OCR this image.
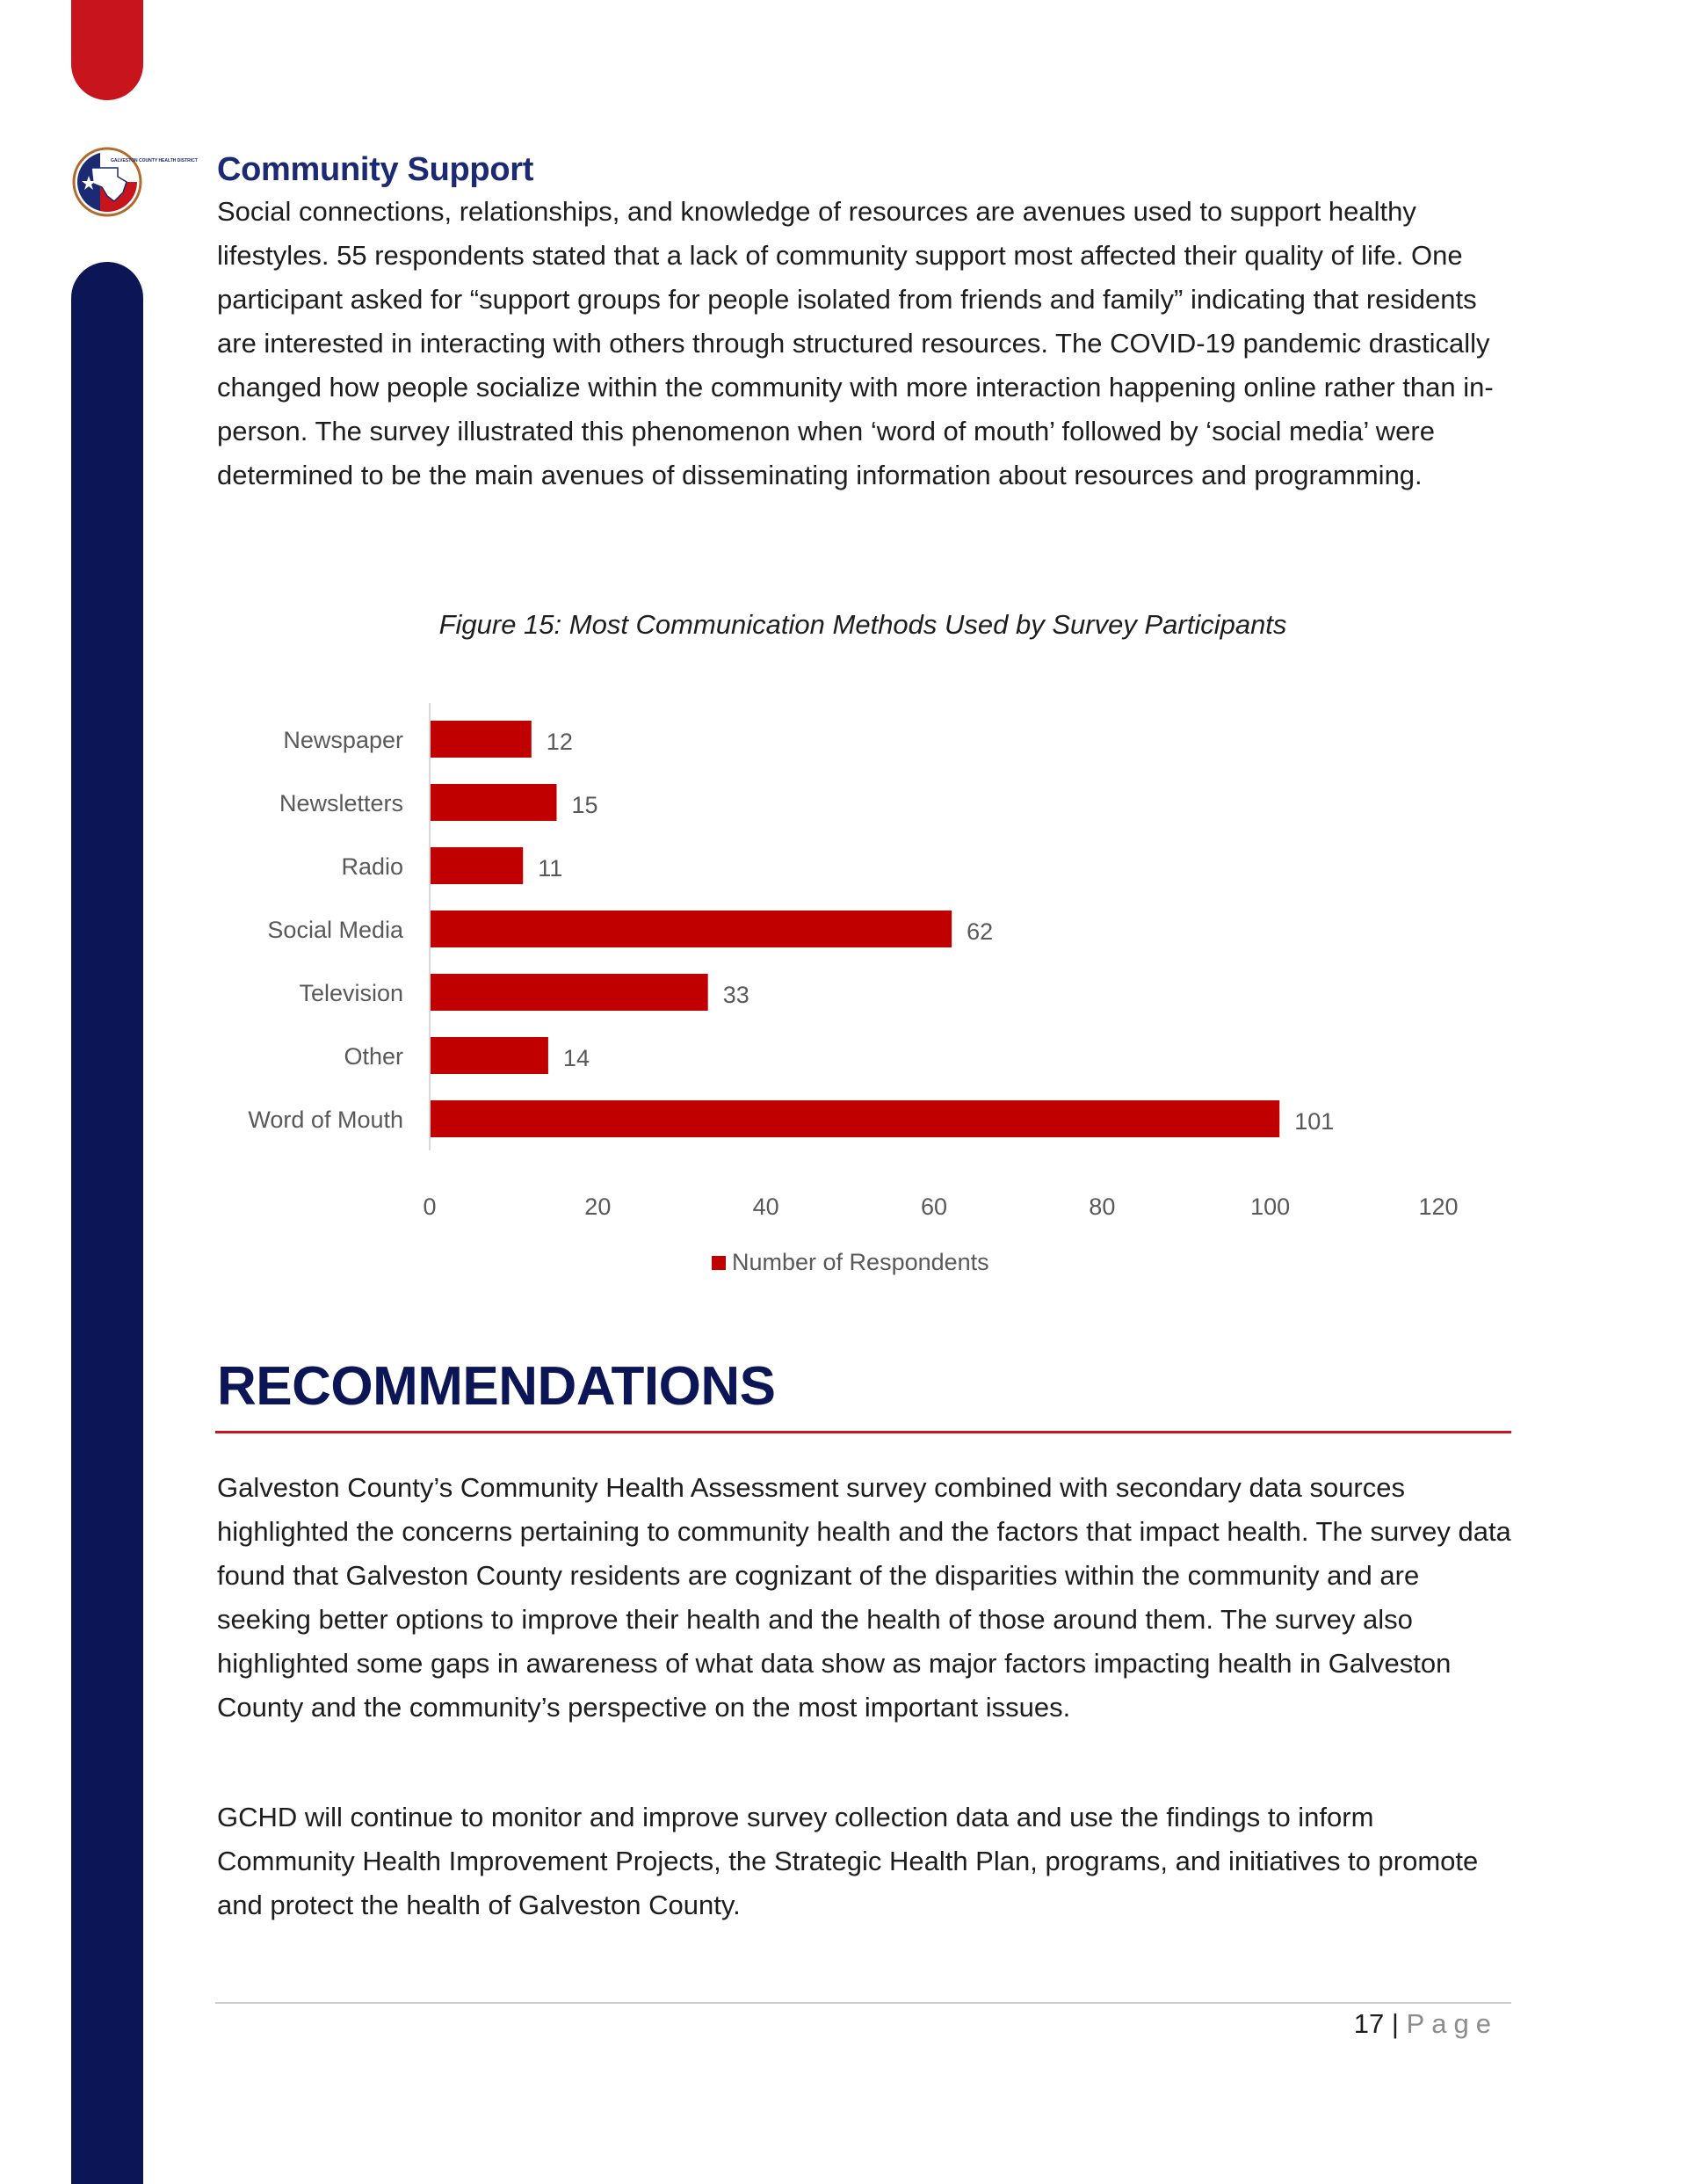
GALVESTON COUNTY HEALTH DISTRICT Community Support

Social connections, relationships, and knowledge of resources are avenues used to support healthy lifestyles. 55 respondents stated that a lack of community support most affected their quality of life. One participant asked for “support groups for people isolated from friends and family” indicating that residents are interested in interacting with others through structured resources. The COVID-19 pandemic drastically changed how people socialize within the community with more interaction happening online rather than in-person. The survey illustrated this phenomenon when ‘word of mouth’ followed by ‘social media’ were determined to be the main avenues of disseminating information about resources and programming.

Figure 15: Most Communication Methods Used by Survey Participants

Newspaper	12
Newsletters	15
Radio	11
Social Media	62
Television	33
Other	14
Word of Mouth	101
0	20	40	60	80	100	120
Number of Respondents
RECOMMENDATIONS

Galveston County’s Community Health Assessment survey combined with secondary data sources highlighted the concerns pertaining to community health and the factors that impact health. The survey data found that Galveston County residents are cognizant of the disparities within the community and are seeking better options to improve their health and the health of those around them. The survey also highlighted some gaps in awareness of what data show as major factors impacting health in Galveston County and the community’s perspective on the most important issues.

GCHD will continue to monitor and improve survey collection data and use the findings to inform Community Health Improvement Projects, the Strategic Health Plan, programs, and initiatives to promote and protect the health of Galveston County.

17 | Page
